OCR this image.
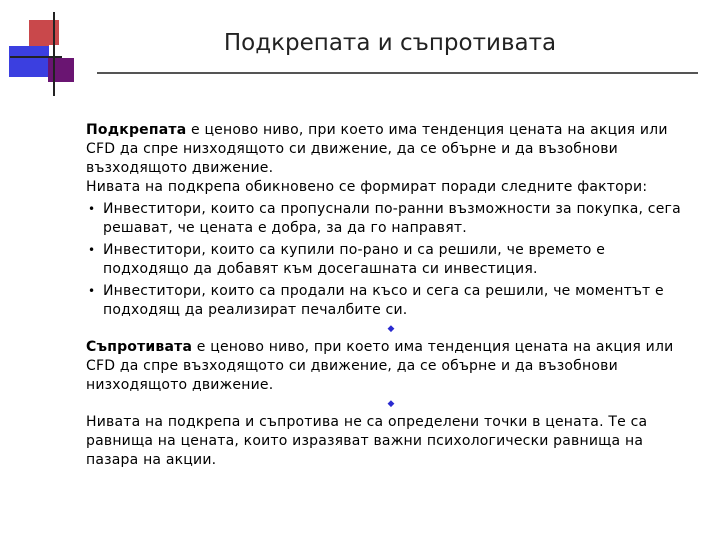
Подкрепата и съпротивата

Подкрепата е ценово ниво, при което има тенденция цената на акция или CFD да спре низходящото си движение, да се обърне и да възобнови възходящото движение.

Нивата на подкрепа обикновено се формират поради следните фактори:

• Инвеститори, които са пропуснали по-ранни възможности за покупка, сега решават, че цената е добра, за да го направят.
• Инвеститори, които са купили по-рано и са решили, че времето е подходящо да добавят към досегашната си инвестиция.
• Инвеститори, които са продали на късо и сега са решили, че моментът е подходящ да реализират печалбите си.
◆

Съпротивата е ценово ниво, при което има тенденция цената на акция или CFD да спре възходящото си движение, да се обърне и да възобнови низходящото движение.

◆

Нивата на подкрепа и съпротива не са определени точки в цената. Те са равнища на цената, които изразяват важни психологически равнища на пазара на акции.
